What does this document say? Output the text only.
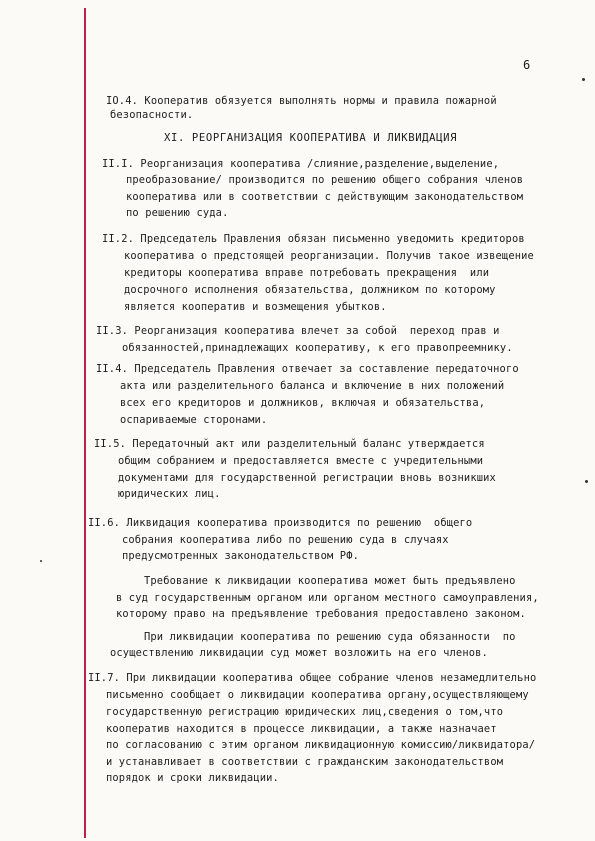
6
IO.4. Кооператив обязуется выполнять нормы и правила пожарной
безопасности.
XI. РЕОРГАНИЗАЦИЯ КООПЕРАТИВА И ЛИКВИДАЦИЯ
II.I. Реорганизация кооператива /слияние,разделение,выделение,
преобразование/ производится по решению общего собрания членов
кооператива или в соответствии с действующим законодательством
по решению суда.
II.2. Председатель Правления обязан письменно уведомить кредиторов
кооператива о предстоящей реорганизации. Получив такое извещение
кредиторы кооператива вправе потребовать прекращения  или
досрочного исполнения обязательства, должником по которому
является кооператив и возмещения убытков.
II.3. Реорганизация кооператива влечет за собой  переход прав и
обязанностей,принадлежащих кооперативу, к его правопреемнику.
II.4. Председатель Правления отвечает за составление передаточного
акта или разделительного баланса и включение в них положений
всех его кредиторов и должников, включая и обязательства,
оспариваемые сторонами.
II.5. Передаточный акт или разделительный баланс утверждается
общим собранием и предоставляется вместе с учредительными
документами для государственной регистрации вновь возникших
юридических лиц.
II.6. Ликвидация кооператива производится по решению  общего
собрания кооператива либо по решению суда в случаях
предусмотренных законодательством РФ.
Требование к ликвидации кооператива может быть предъявлено
в суд государственным органом или органом местного самоуправления,
которому право на предъявление требования предоставлено законом.
При ликвидации кооператива по решению суда обязанности  по
осуществлению ликвидации суд может возложить на его членов.
II.7. При ликвидации кооператива общее собрание членов незамедлительно
письменно сообщает о ликвидации кооператива органу,осуществляющему
государственную регистрацию юридических лиц,сведения о том,что
кооператив находится в процессе ликвидации, а также назначает
по согласованию с этим органом ликвидационную комиссию/ликвидатора/
и устанавливает в соответствии с гражданским законодательством
порядок и сроки ликвидации.
